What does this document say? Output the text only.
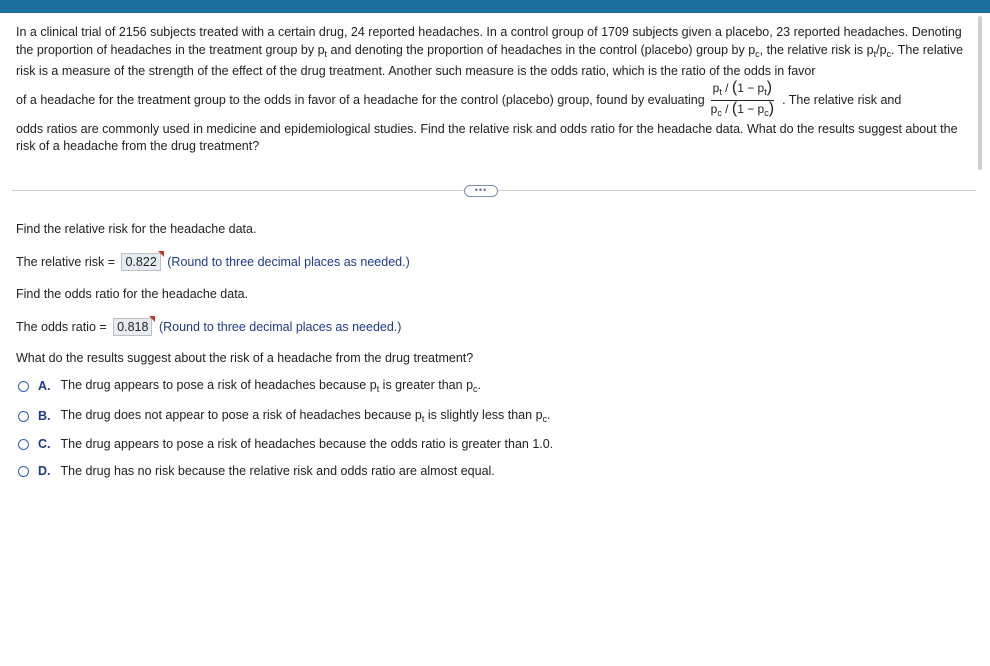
In a clinical trial of 2156 subjects treated with a certain drug, 24 reported headaches. In a control group of 1709 subjects given a placebo, 23 reported headaches. Denoting the proportion of headaches in the treatment group by $p_t$ and denoting the proportion of headaches in the control (placebo) group by $p_c$, the relative risk is $p_t/p_c$. The relative risk is a measure of the strength of the effect of the drug treatment. Another such measure is the odds ratio, which is the ratio of the odds in favor

of a headache for the treatment group to the odds in favor of a headache for the control (placebo) group, found by evaluating $\frac{p_t / (1 - p_t)}{p_c / (1 - p_c)}$ . The relative risk and

odds ratios are commonly used in medicine and epidemiological studies. Find the relative risk and odds ratio for the headache data. What do the results suggest about the risk of a headache from the drug treatment?

•••
Find the relative risk for the headache data.
The relative risk = 0.822 (Round to three decimal places as needed.)
Find the odds ratio for the headache data.
The odds ratio = 0.818 (Round to three decimal places as needed.)
What do the results suggest about the risk of a headache from the drug treatment?
A. The drug appears to pose a risk of headaches because $p_t$ is greater than $p_c$.
B. The drug does not appear to pose a risk of headaches because $p_t$ is slightly less than $p_c$.
C. The drug appears to pose a risk of headaches because the odds ratio is greater than 1.0.
D. The drug has no risk because the relative risk and odds ratio are almost equal.
